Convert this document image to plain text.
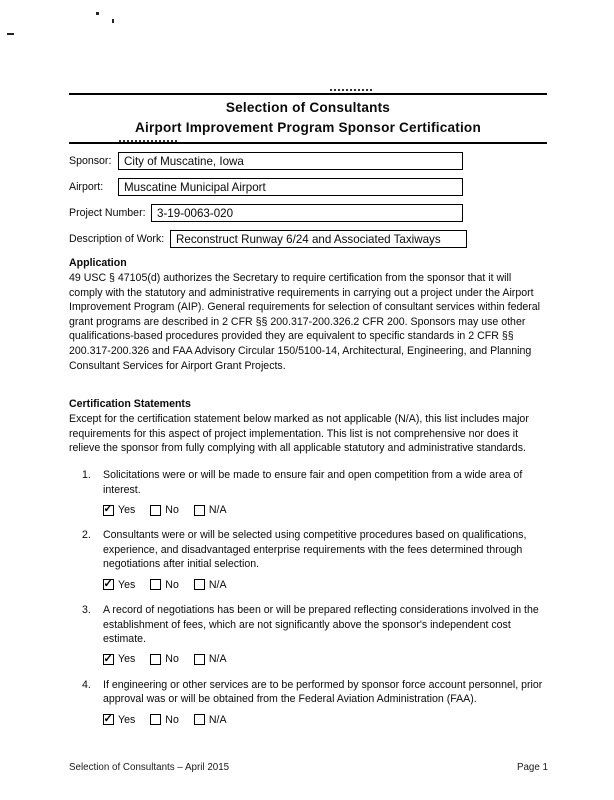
Selection of Consultants
Airport Improvement Program Sponsor Certification
Sponsor:	City of Muscatine, Iowa
Airport:	Muscatine Municipal Airport
Project Number: 3-19-0063-020
Description of Work:	Reconstruct Runway 6/24 and Associated Taxiways
Application
49 USC § 47105(d) authorizes the Secretary to require certification from the sponsor that it will comply with the statutory and administrative requirements in carrying out a project under the Airport Improvement Program (AIP). General requirements for selection of consultant services within federal grant programs are described in 2 CFR §§ 200.317-200.326.2 CFR 200. Sponsors may use other qualifications-based procedures provided they are equivalent to specific standards in 2 CFR §§ 200.317-200.326 and FAA Advisory Circular 150/5100-14, Architectural, Engineering, and Planning Consultant Services for Airport Grant Projects.
Certification Statements
Except for the certification statement below marked as not applicable (N/A), this list includes major requirements for this aspect of project implementation. This list is not comprehensive nor does it relieve the sponsor from fully complying with all applicable statutory and administrative standards.
1.	Solicitations were or will be made to ensure fair and open competition from a wide area of interest.
✓
Yes	No	N/A
2.	Consultants were or will be selected using competitive procedures based on qualifications, experience, and disadvantaged enterprise requirements with the fees determined through negotiations after initial selection.
✓
Yes	No	N/A
3.	A record of negotiations has been or will be prepared reflecting considerations involved in the establishment of fees, which are not significantly above the sponsor's independent cost estimate.
✓
Yes	No	N/A
4.	If engineering or other services are to be performed by sponsor force account personnel, prior approval was or will be obtained from the Federal Aviation Administration (FAA).
✓
Yes	No	N/A
Selection of Consultants – April 2015	Page 1
